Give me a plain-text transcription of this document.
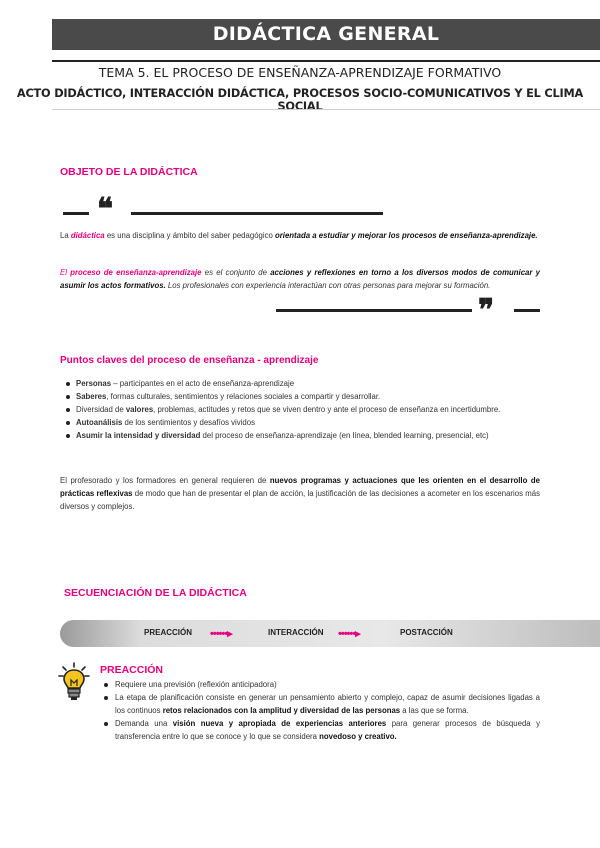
DIDÁCTICA GENERAL
TEMA 5. EL PROCESO DE ENSEÑANZA-APRENDIZAJE FORMATIVO
ACTO DIDÁCTICO, INTERACCIÓN DIDÁCTICA, PROCESOS SOCIO-COMUNICATIVOS Y EL CLIMA SOCIAL
OBJETO DE LA DIDÁCTICA
❝
La didáctica es una disciplina y ámbito del saber pedagógico orientada a estudiar y mejorar los procesos de enseñanza-aprendizaje.
El proceso de enseñanza-aprendizaje es el conjunto de acciones y reflexiones en torno a los diversos modos de comunicar y asumir los actos formativos. Los profesionales con experiencia interactúan con otras personas para mejorar su formación.
❞
Puntos claves del proceso de enseñanza - aprendizaje
Personas – participantes en el acto de enseñanza-aprendizaje
Saberes, formas culturales, sentimientos y relaciones sociales a compartir y desarrollar.
Diversidad de valores, problemas, actitudes y retos que se viven dentro y ante el proceso de enseñanza en incertidumbre.
Autoanálisis de los sentimientos y desafíos vividos
Asumir la intensidad y diversidad del proceso de enseñanza-aprendizaje (en línea, blended learning, presencial, etc)
El profesorado y los formadores en general requieren de nuevos programas y actuaciones que les orienten en el desarrollo de prácticas reflexivas de modo que han de presentar el plan de acción, la justificación de las decisiones a acometer en los escenarios más diversos y complejos.
SECUENCIACIÓN DE LA DIDÁCTICA
PREACCIÓN ••••••▸	INTERACCIÓN ••••••▸	POSTACCIÓN
PREACCIÓN
Requiere una previsión (reflexión anticipadora)
La etapa de planificación consiste en generar un pensamiento abierto y complejo, capaz de asumir decisiones ligadas a los continuos retos relacionados con la amplitud y diversidad de las personas a las que se forma.
Demanda una visión nueva y apropiada de experiencias anteriores para generar procesos de búsqueda y transferencia entre lo que se conoce y lo que se considera novedoso y creativo.
